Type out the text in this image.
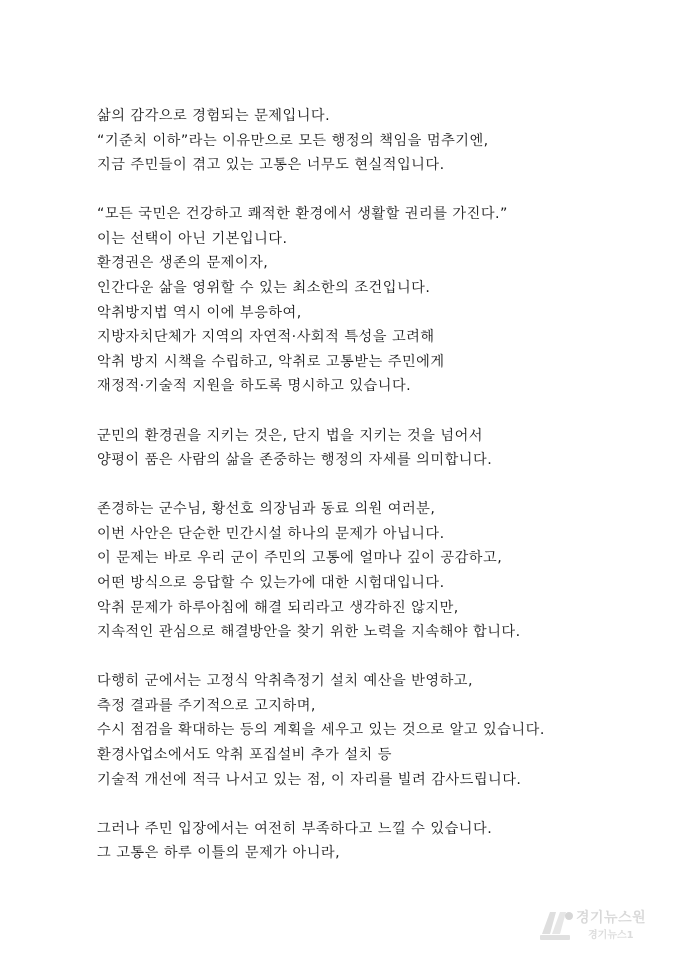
삶의 감각으로 경험되는 문제입니다.
“기준치 이하”라는 이유만으로 모든 행정의 책임을 멈추기엔,
지금 주민들이 겪고 있는 고통은 너무도 현실적입니다.
“모든 국민은 건강하고 쾌적한 환경에서 생활할 권리를 가진다.”
이는 선택이 아닌 기본입니다.
환경권은 생존의 문제이자,
인간다운 삶을 영위할 수 있는 최소한의 조건입니다.
악취방지법 역시 이에 부응하여,
지방자치단체가 지역의 자연적·사회적 특성을 고려해
악취 방지 시책을 수립하고, 악취로 고통받는 주민에게
재정적·기술적 지원을 하도록 명시하고 있습니다.
군민의 환경권을 지키는 것은, 단지 법을 지키는 것을 넘어서
양평이 품은 사람의 삶을 존중하는 행정의 자세를 의미합니다.
존경하는 군수님, 황선호 의장님과 동료 의원 여러분,
이번 사안은 단순한 민간시설 하나의 문제가 아닙니다.
이 문제는 바로 우리 군이 주민의 고통에 얼마나 깊이 공감하고,
어떤 방식으로 응답할 수 있는가에 대한 시험대입니다.
악취 문제가 하루아침에 해결 되리라고 생각하진 않지만,
지속적인 관심으로 해결방안을 찾기 위한 노력을 지속해야 합니다.
다행히 군에서는 고정식 악취측정기 설치 예산을 반영하고,
측정 결과를 주기적으로 고지하며,
수시 점검을 확대하는 등의 계획을 세우고 있는 것으로 알고 있습니다.
환경사업소에서도 악취 포집설비 추가 설치 등
기술적 개선에 적극 나서고 있는 점, 이 자리를 빌려 감사드립니다.
그러나 주민 입장에서는 여전히 부족하다고 느낄 수 있습니다.
그 고통은 하루 이틀의 문제가 아니라,
경기뉴스원
경기뉴스1
